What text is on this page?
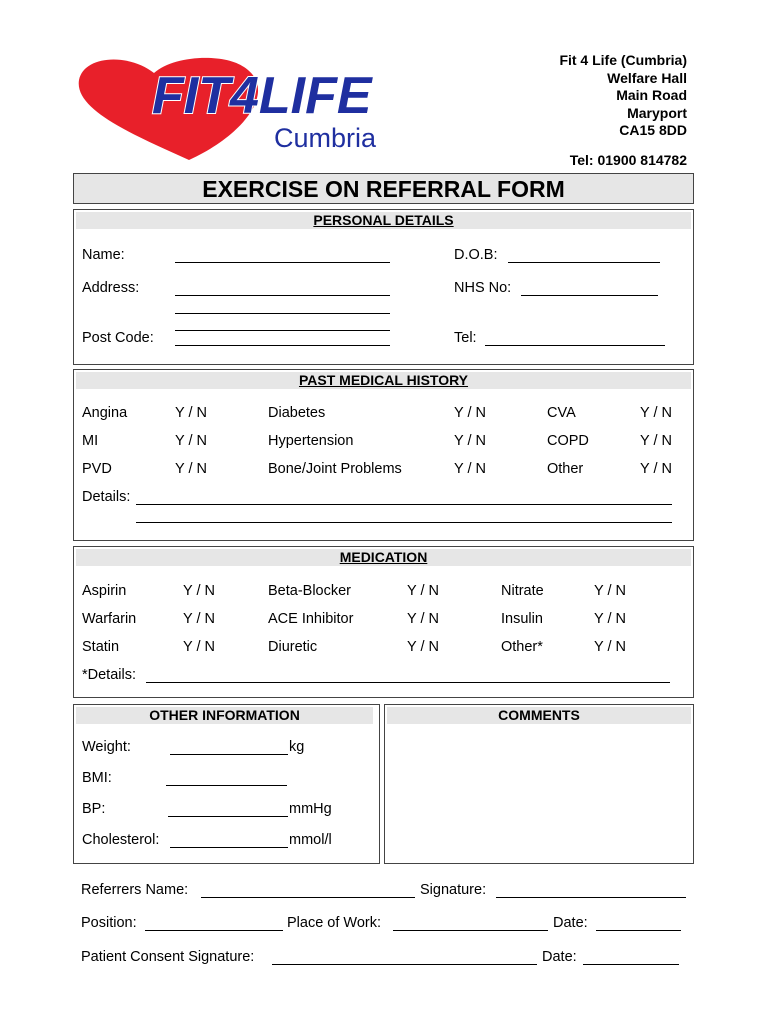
FIT4LIFE
Cumbria
Fit 4 Life (Cumbria)
Welfare Hall
Main Road
Maryport
CA15 8DD
Tel: 01900 814782
EXERCISE ON REFERRAL FORM
PERSONAL DETAILS
Name:	D.O.B:
Address:	NHS No:
Post Code:	Tel:
PAST MEDICAL HISTORY
Angina	Y / N	Diabetes	Y / N	CVA	Y / N
MI	Y / N	Hypertension	Y / N	COPD	Y / N
PVD	Y / N	Bone/Joint Problems	Y / N	Other	Y / N
Details:
MEDICATION
Aspirin	Y / N	Beta-Blocker	Y / N	Nitrate	Y / N
Warfarin	Y / N	ACE Inhibitor	Y / N	Insulin	Y / N
Statin	Y / N	Diuretic	Y / N	Other*	Y / N
*Details:
OTHER INFORMATION
Weight:	kg
BMI:
BP:	mmHg
Cholesterol:	mmol/l
COMMENTS
Referrers Name:	Signature:
Position:	Place of Work:	Date:
Patient Consent Signature:	Date:
